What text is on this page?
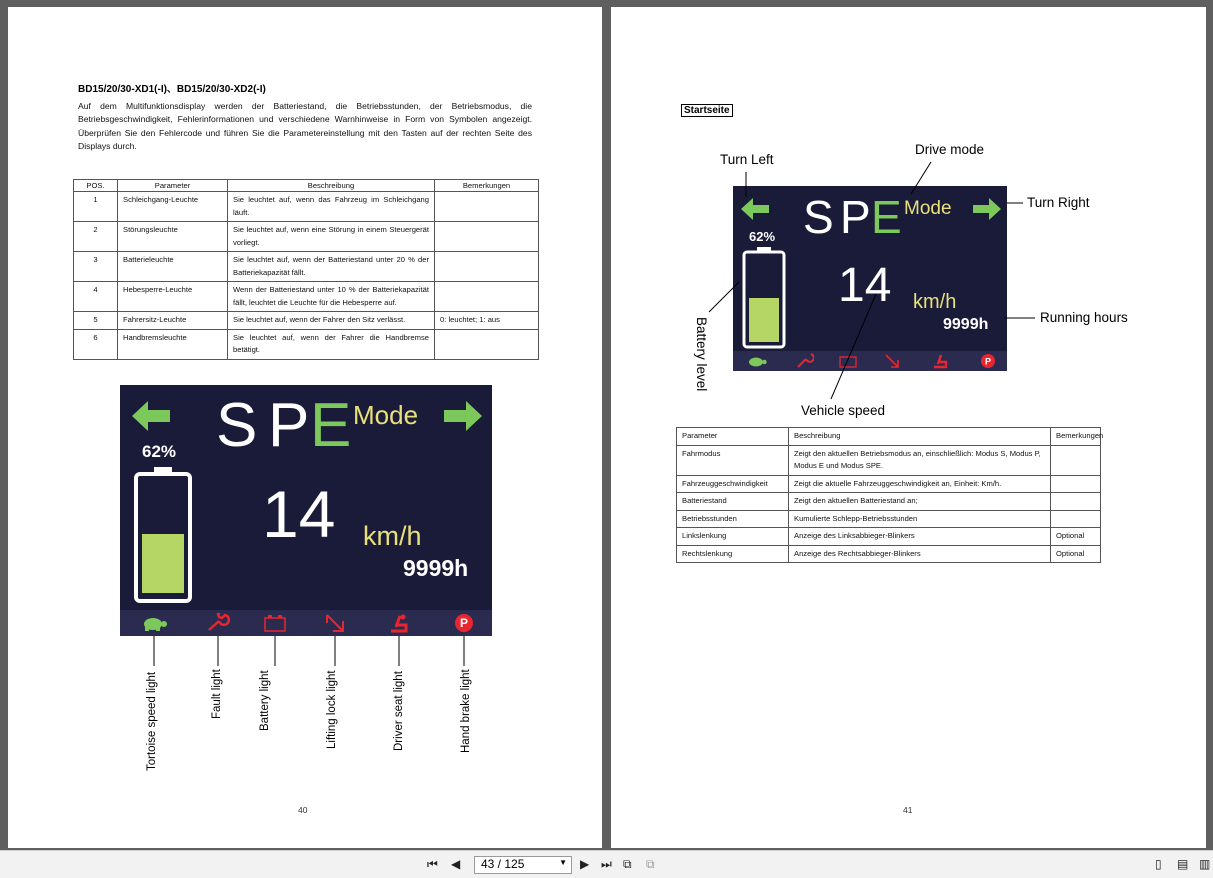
BD15/20/30-XD1(-I)、BD15/20/30-XD2(-I)
Auf dem Multifunktionsdisplay werden der Batteriestand, die Betriebsstunden, der Betriebsmodus, die Betriebsgeschwindigkeit, Fehlerinformationen und verschiedene Warnhinweise in Form von Symbolen angezeigt. Überprüfen Sie den Fehlercode und führen Sie die Parametereinstellung mit den Tasten auf der rechten Seite des Displays durch.
POS.	Parameter	Beschreibung	Bemerkungen
1	Schleichgang-Leuchte	Sie leuchtet auf, wenn das Fahrzeug im Schleichgang läuft.	
2	Störungsleuchte	Sie leuchtet auf, wenn eine Störung in einem Steuergerät vorliegt.	
3	Batterieleuchte	Sie leuchtet auf, wenn der Batteriestand unter 20 % der Batteriekapazität fällt.	
4	Hebesperre-Leuchte	Wenn der Batteriestand unter 10 % der Batteriekapazität fällt, leuchtet die Leuchte für die Hebesperre auf.	
5	Fahrersitz-Leuchte	Sie leuchtet auf, wenn der Fahrer den Sitz verlässt.	0: leuchtet; 1: aus
6	Handbremsleuchte	Sie leuchtet auf, wenn der Fahrer die Handbremse betätigt.	
S P E Mode
62%
14 km/h
9999h
P
Tortoise speed light	Fault light	Battery light	Lifting lock light	Driver seat light	Hand brake light
40
Startseite
Turn Left
Drive mode
Turn Right
Running hours
Vehicle speed
Battery level
S P E Mode
62%
14 km/h
9999h
P
Parameter	Beschreibung	Bemerkungen
Fahrmodus	Zeigt den aktuellen Betriebsmodus an, einschließlich: Modus S, Modus P, Modus E und Modus SPE.	
Fahrzeuggeschwindigkeit	Zeigt die aktuelle Fahrzeuggeschwindigkeit an, Einheit: Km/h.	
Batteriestand	Zeigt den aktuellen Batteriestand an;	
Betriebsstunden	Kumulierte Schlepp-Betriebsstunden	
Linkslenkung	Anzeige des Linksabbieger-Blinkers	Optional
Rechtslenkung	Anzeige des Rechtsabbieger-Blinkers	Optional
41
⏮ ◀ 43 / 125	▼ ▶ ⏭ ⧉ ⧉	▯ ▤ ▥
